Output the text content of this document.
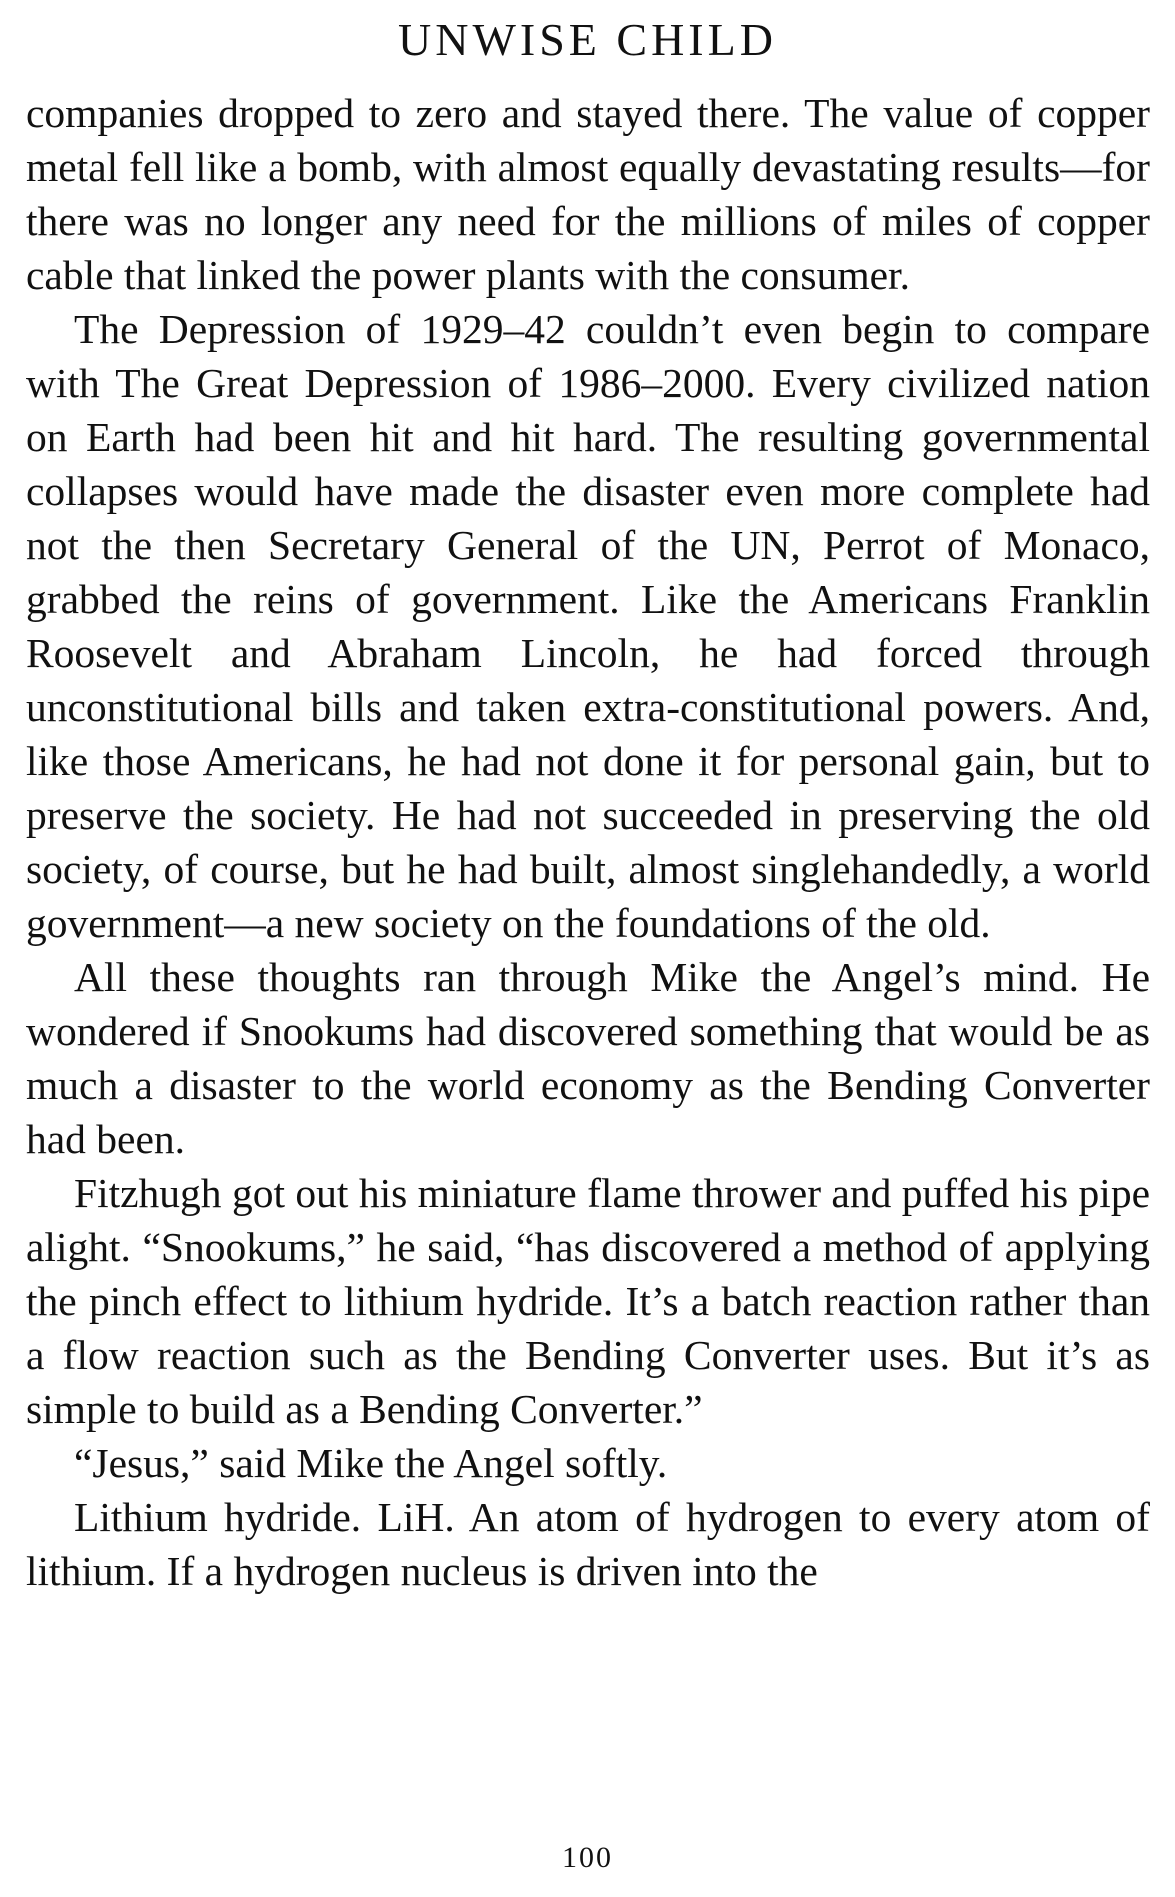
UNWISE CHILD

companies dropped to zero and stayed there. The value of copper metal fell like a bomb, with almost equally devastating results—for there was no longer any need for the millions of miles of copper cable that linked the power plants with the consumer.

The Depression of 1929–42 couldn’t even begin to compare with The Great Depression of 1986–2000. Every civilized nation on Earth had been hit and hit hard. The resulting governmental collapses would have made the disaster even more complete had not the then Secretary General of the UN, Perrot of Monaco, grabbed the reins of government. Like the Americans Franklin Roosevelt and Abraham Lincoln, he had forced through unconstitutional bills and taken extra-constitutional powers. And, like those Americans, he had not done it for personal gain, but to preserve the society. He had not succeeded in preserving the old society, of course, but he had built, almost singlehandedly, a world government—a new society on the foundations of the old.

All these thoughts ran through Mike the Angel’s mind. He wondered if Snookums had discovered something that would be as much a disaster to the world economy as the Bending Converter had been.

Fitzhugh got out his miniature flame thrower and puffed his pipe alight. “Snookums,” he said, “has discovered a method of applying the pinch effect to lithium hydride. It’s a batch reaction rather than a flow reaction such as the Bending Converter uses. But it’s as simple to build as a Bending Converter.”

“Jesus,” said Mike the Angel softly.

Lithium hydride. LiH. An atom of hydrogen to every atom of lithium. If a hydrogen nucleus is driven into the

100
